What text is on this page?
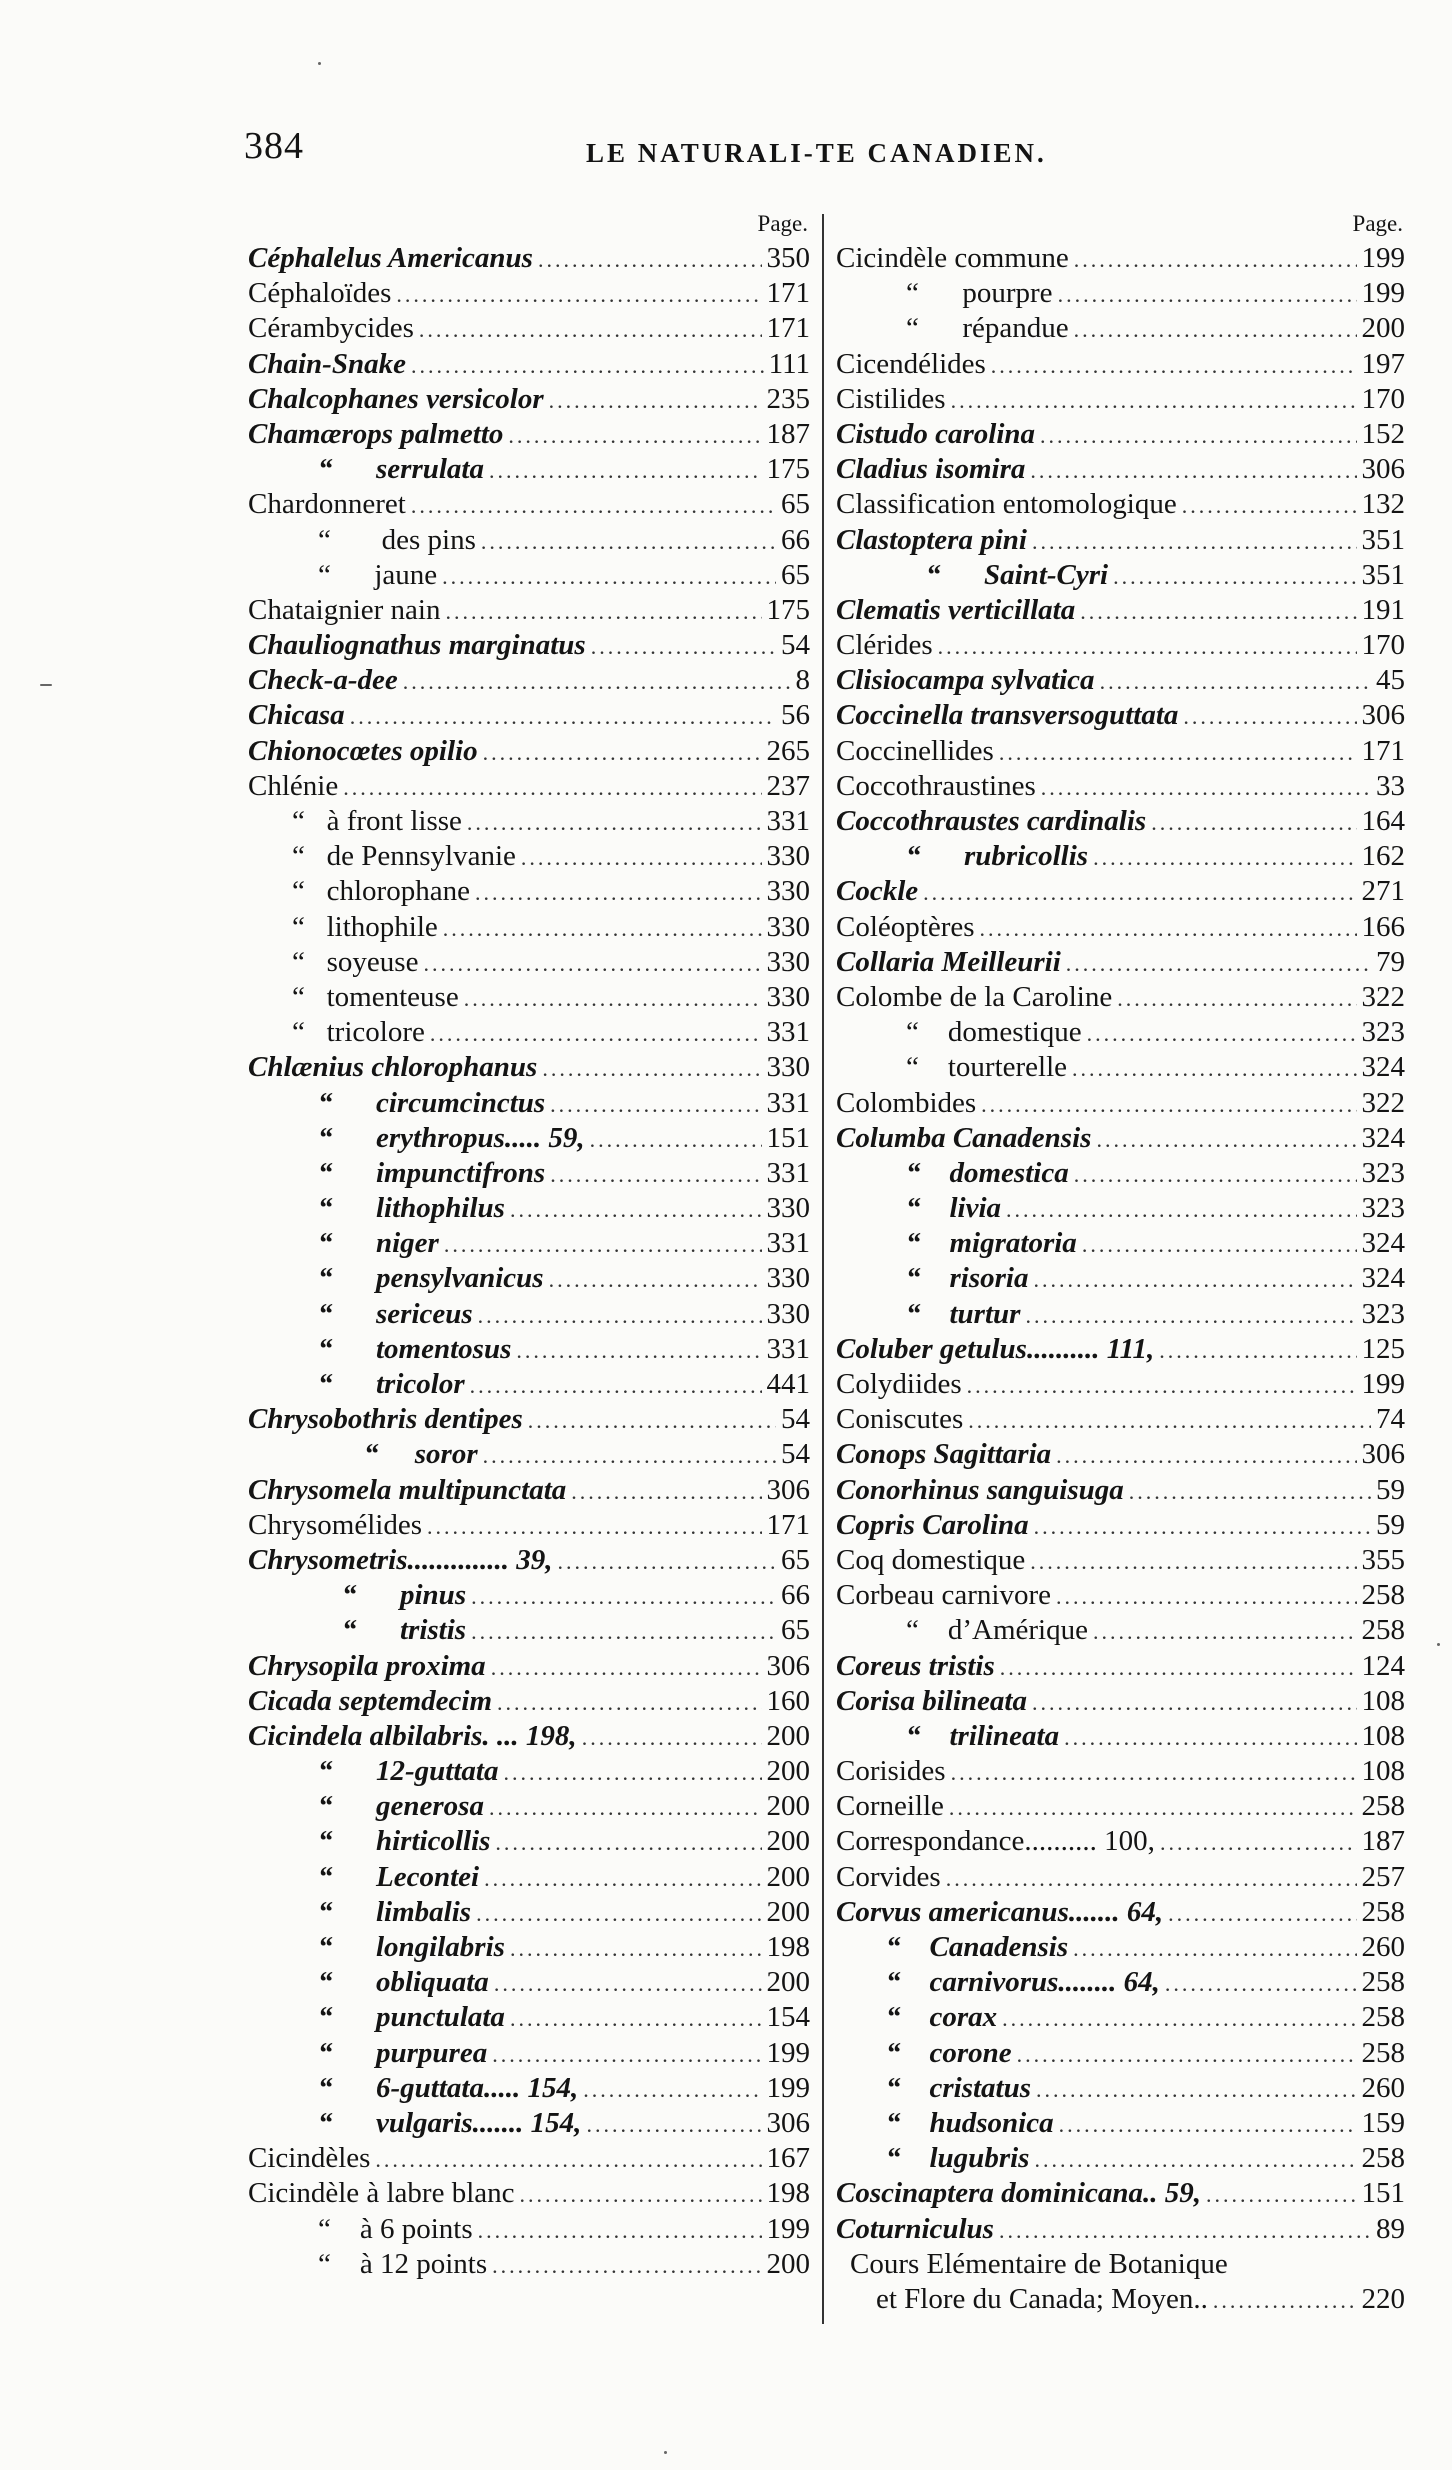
384	LE NATURALI-TE CANADIEN.
Page.
Céphalelus Americanus .....	350
Céphaloïdes .....	171
Cérambycides .....	171
Chain-Snake .....	111
Chalcophanes versicolor .....	235
Chamærops palmetto .....	187
“      serrulata .....	175
Chardonneret .....	65
“       des pins .....	66
“      jaune .....	65
Chataignier nain .....	175
Chauliognathus marginatus .....	54
Check-a-dee .....	8
Chicasa .....	56
Chionocœtes opilio .....	265
Chlénie .....	237
“   à front lisse .....	331
“   de Pennsylvanie .....	330
“   chlorophane .....	330
“   lithophile .....	330
“   soyeuse .....	330
“   tomenteuse .....	330
“   tricolore .....	331
Chlænius chlorophanus .....	330
“      circumcinctus .....	331
“      erythropus..... 59, .....	151
“      impunctifrons .....	331
“      lithophilus .....	330
“      niger .....	331
“      pensylvanicus .....	330
“      sericeus .....	330
“      tomentosus .....	331
“      tricolor .....	441
Chrysobothris dentipes .....	54
“     soror .....	54
Chrysomela multipunctata .....	306
Chrysomélides .....	171
Chrysometris.............. 39, .....	65
“      pinus .....	66
“      tristis .....	65
Chrysopila proxima .....	306
Cicada septemdecim .....	160
Cicindela albilabris. ... 198, .....	200
“      12-guttata .....	200
“      generosa .....	200
“      hirticollis .....	200
“      Lecontei .....	200
“      limbalis .....	200
“      longilabris .....	198
“      obliquata .....	200
“      punctulata .....	154
“      purpurea .....	199
“      6-guttata..... 154, .....	199
“      vulgaris....... 154, .....	306
Cicindèles .....	167
Cicindèle à labre blanc .....	198
“    à 6 points .....	199
“    à 12 points .....	200
Page.
Cicindèle commune .....	199
“      pourpre .....	199
“      répandue .....	200
Cicendélides .....	197
Cistilides .....	170
Cistudo carolina .....	152
Cladius isomira .....	306
Classification entomologique .....	132
Clastoptera pini .....	351
“      Saint-Cyri .....	351
Clematis verticillata .....	191
Clérides .....	170
Clisiocampa sylvatica .....	45
Coccinella transversoguttata .....	306
Coccinellides .....	171
Coccothraustines .....	33
Coccothraustes cardinalis .....	164
“      rubricollis .....	162
Cockle .....	271
Coléoptères .....	166
Collaria Meilleurii .....	79
Colombe de la Caroline .....	322
“    domestique .....	323
“    tourterelle .....	324
Colombides .....	322
Columba Canadensis .....	324
“    domestica .....	323
“    livia .....	323
“    migratoria .....	324
“    risoria .....	324
“    turtur .....	323
Coluber getulus.......... 111, .....	125
Colydiides .....	199
Coniscutes .....	74
Conops Sagittaria .....	306
Conorhinus sanguisuga .....	59
Copris Carolina .....	59
Coq domestique .....	355
Corbeau carnivore .....	258
“    d’Amérique .....	258
Coreus tristis .....	124
Corisa bilineata .....	108
“    trilineata .....	108
Corisides .....	108
Corneille .....	258
Correspondance.......... 100, .....	187
Corvides .....	257
Corvus americanus....... 64, .....	258
“    Canadensis .....	260
“    carnivorus........ 64, .....	258
“    corax .....	258
“    corone .....	258
“    cristatus .....	260
“    hudsonica .....	159
“    lugubris .....	258
Coscinaptera dominicana.. 59, .....	151
Coturniculus .....	89
Cours Elémentaire de Botanique
et Flore du Canada; Moyen.. .....	220
